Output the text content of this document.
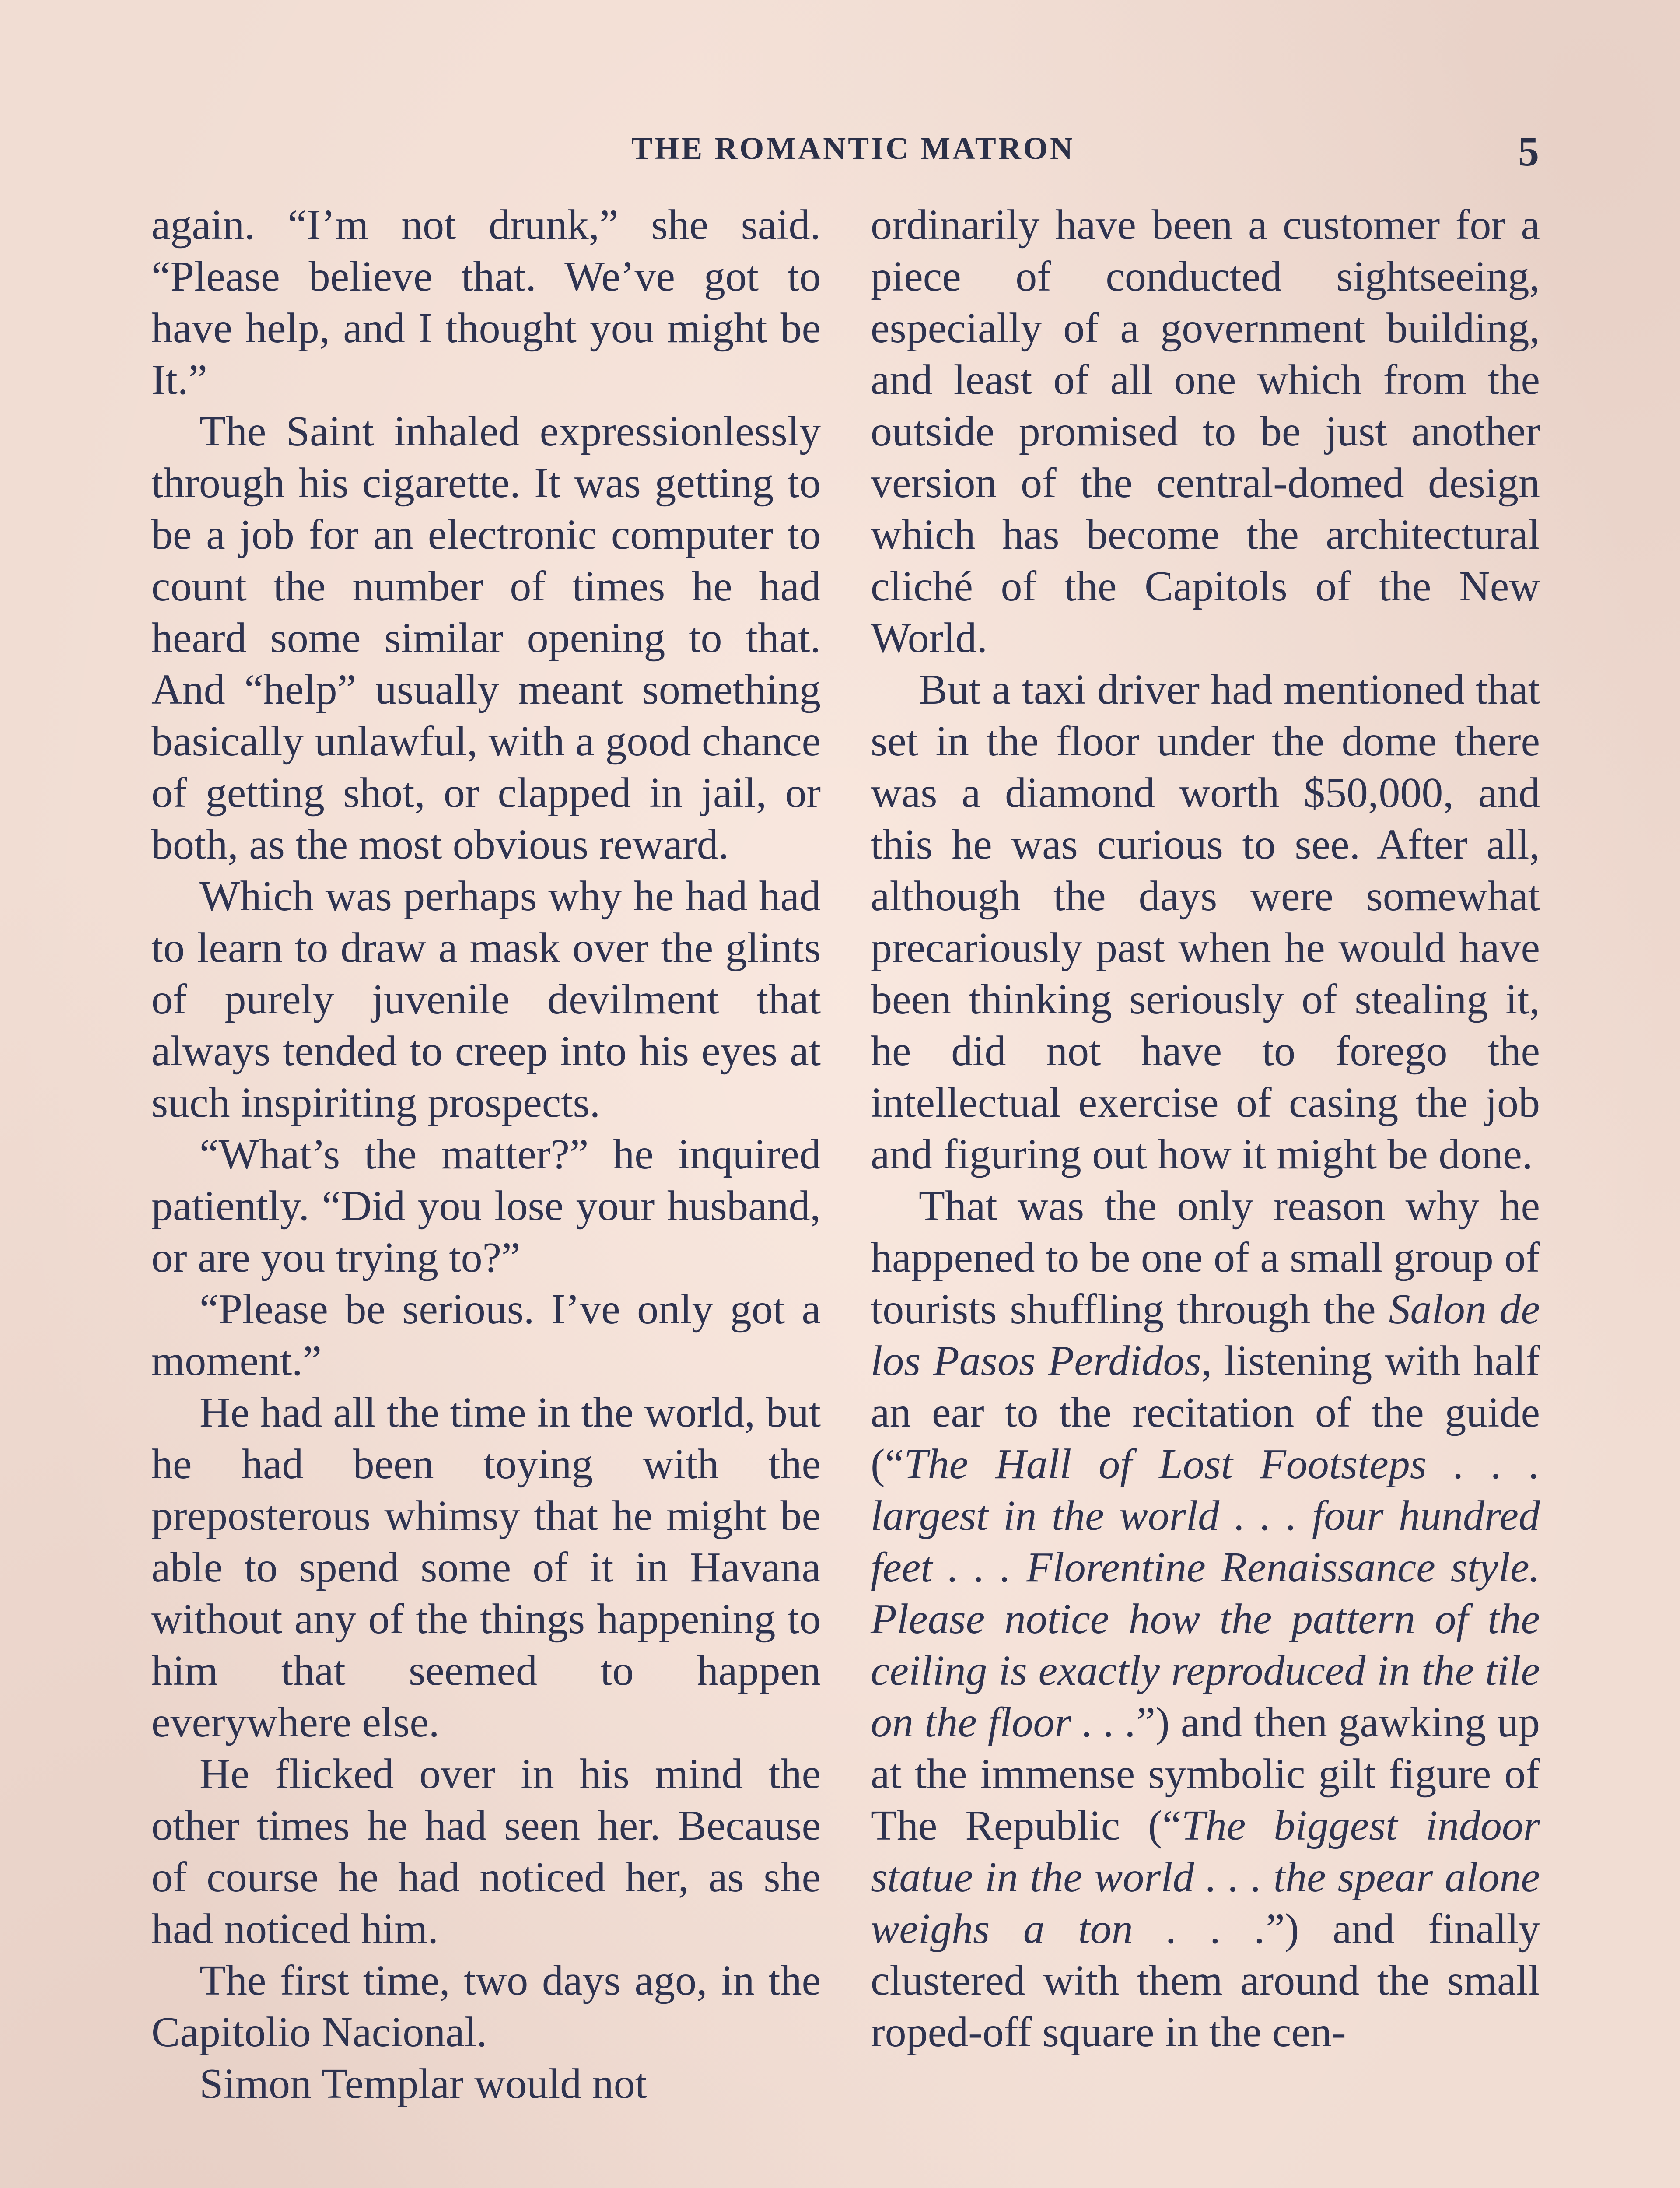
THE ROMANTIC MATRON	5

again. “I’m not drunk,” she said. “Please believe that. We’ve got to have help, and I thought you might be It.”

The Saint inhaled expressionlessly through his cigarette. It was getting to be a job for an electronic computer to count the number of times he had heard some similar opening to that. And “help” usually meant something basically unlawful, with a good chance of getting shot, or clapped in jail, or both, as the most obvious reward.

Which was perhaps why he had had to learn to draw a mask over the glints of purely juvenile devilment that always tended to creep into his eyes at such inspiriting prospects.

“What’s the matter?” he inquired patiently. “Did you lose your husband, or are you trying to?”

“Please be serious. I’ve only got a moment.”

He had all the time in the world, but he had been toying with the preposterous whimsy that he might be able to spend some of it in Havana without any of the things happening to him that seemed to happen everywhere else.

He flicked over in his mind the other times he had seen her. Because of course he had noticed her, as she had noticed him.

The first time, two days ago, in the Capitolio Nacional.

Simon Templar would not

ordinarily have been a customer for a piece of conducted sightseeing, especially of a government building, and least of all one which from the outside promised to be just another version of the central-domed design which has become the architectural cliché of the Capitols of the New World.

But a taxi driver had mentioned that set in the floor under the dome there was a diamond worth $50,000, and this he was curious to see. After all, although the days were somewhat precariously past when he would have been thinking seriously of stealing it, he did not have to forego the intellectual exercise of casing the job and figuring out how it might be done.

That was the only reason why he happened to be one of a small group of tourists shuffling through the Salon de los Pasos Perdidos, listening with half an ear to the recitation of the guide (“The Hall of Lost Footsteps . . . largest in the world . . . four hundred feet . . . Florentine Renaissance style. Please notice how the pattern of the ceiling is exactly reproduced in the tile on the floor . . .”) and then gawking up at the immense symbolic gilt figure of The Republic (“The biggest indoor statue in the world . . . the spear alone weighs a ton . . .”) and finally clustered with them around the small roped-off square in the cen-
